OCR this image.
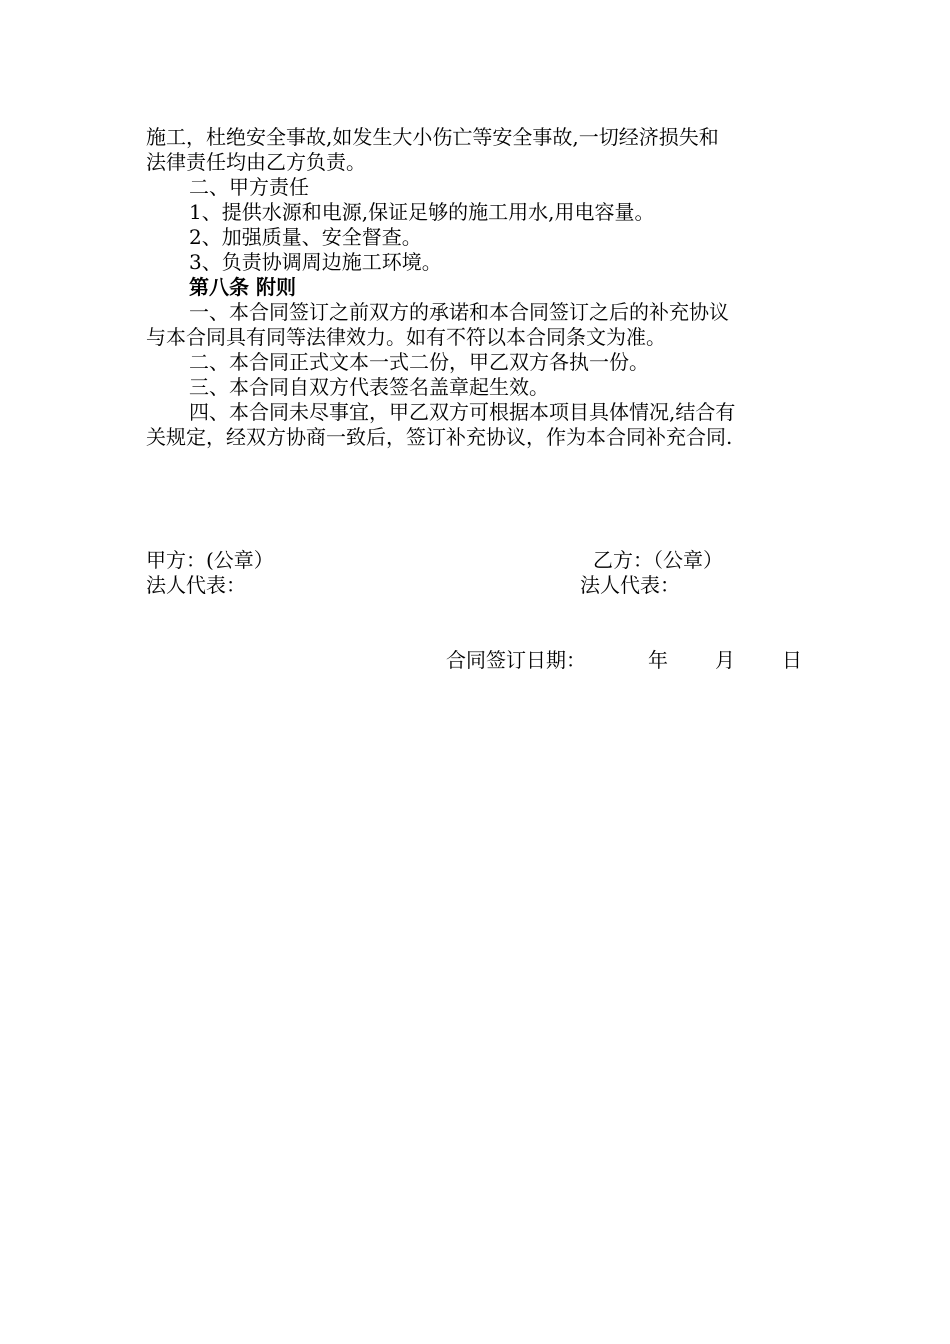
施工，杜绝安全事故,如发生大小伤亡等安全事故,一切经济损失和
法律责任均由乙方负责。
二、甲方责任
1、提供水源和电源,保证足够的施工用水,用电容量。
2、加强质量、安全督查。
3、负责协调周边施工环境。
第八条 附则
一、本合同签订之前双方的承诺和本合同签订之后的补充协议
与本合同具有同等法律效力。如有不符以本合同条文为准。
二、本合同正式文本一式二份，甲乙双方各执一份。
三、本合同自双方代表签名盖章起生效。
四、本合同未尽事宜，甲乙双方可根据本项目具体情况,结合有
关规定，经双方协商一致后，签订补充协议，作为本合同补充合同.
甲方：(公章）
法人代表：
乙方：（公章）
法人代表：
合同签订日期：	年 月 日
